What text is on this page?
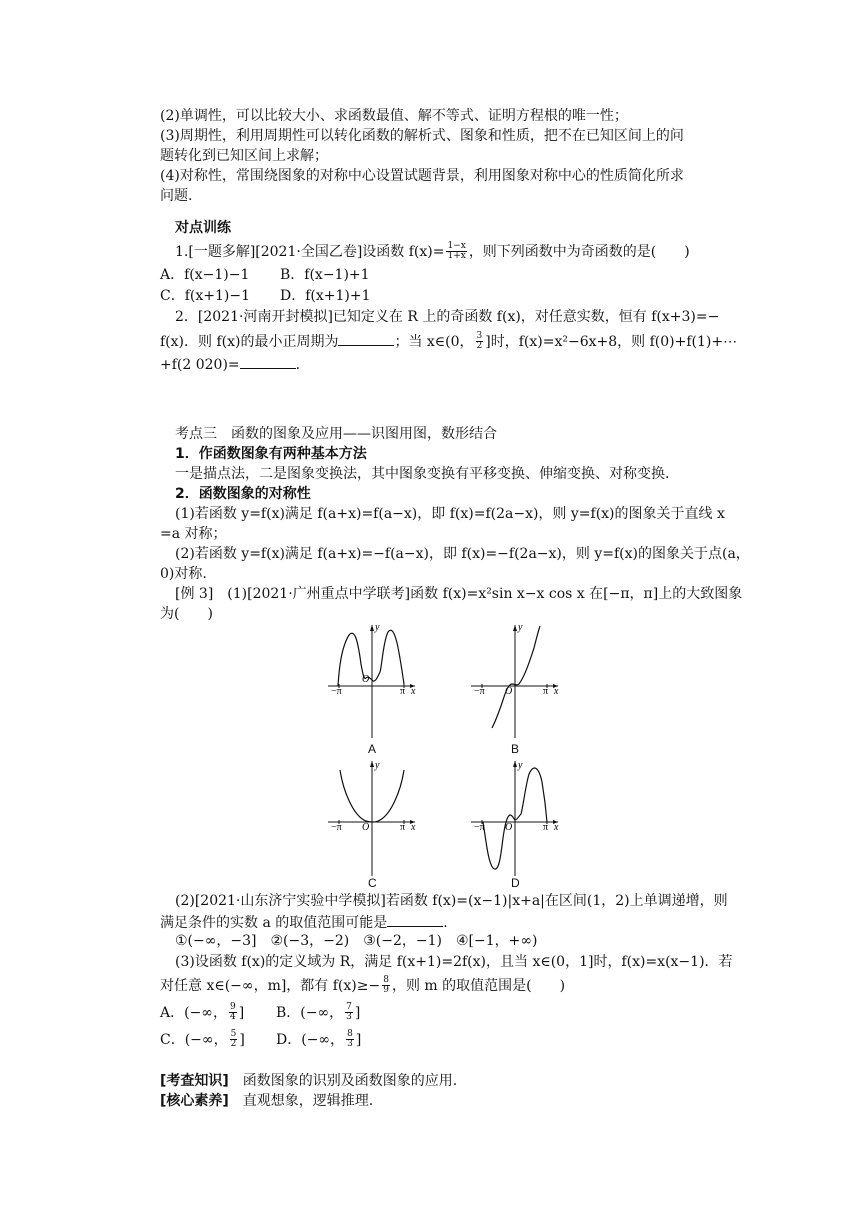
(2)单调性，可以比较大小、求函数最值、解不等式、证明方程根的唯一性；
(3)周期性，利用周期性可以转化函数的解析式、图象和性质，把不在已知区间上的问
题转化到已知区间上求解；
(4)对称性，常围绕图象的对称中心设置试题背景，利用图象对称中心的性质简化所求
问题.
对点训练
1.[一题多解][2021·全国乙卷]设函数 $f(x)= \frac{1-x}{1+x}$ ，则下列函数中为奇函数的是(　　)
A．f(x−1)−1 B．f(x−1)+1
C．f(x+1)−1 D．f(x+1)+1
2．[2021·河南开封模拟]已知定义在 R 上的奇函数 f(x)，对任意实数，恒有 f(x+3)=−
f(x)．则 f(x)的最小正周期为	；当 x∈(0， $\frac{3}{2}$ ]时，f(x)=x²−6x+8，则 f(0)+f(1)+⋯
+f(2 020)=	.
考点三　函数的图象及应用——识图用图，数形结合
1．作函数图象有两种基本方法
一是描点法，二是图象变换法，其中图象变换有平移变换、伸缩变换、对称变换.
2．函数图象的对称性
(1)若函数 y=f(x)满足 f(a+x)=f(a−x)，即 f(x)=f(2a−x)，则 y=f(x)的图象关于直线 x
=a 对称；
(2)若函数 y=f(x)满足 f(a+x)=−f(a−x)，即 f(x)=−f(2a−x)，则 y=f(x)的图象关于点(a，
0)对称.
[例 3]　(1)[2021·广州重点中学联考]函数 f(x)=x²sin x−x cos x 在[−π，π]上的大致图象
为(　　)
−π	π x
y
O
A
−π	π x
y
O
B
−π	π x
y
O
C
−π	π x
y
O
D
(2)[2021·山东济宁实验中学模拟]若函数 f(x)=(x−1)|x+a|在区间(1，2)上单调递增，则
满足条件的实数 a 的取值范围可能是	.
①(−∞，−3]　②(−3，−2)　③(−2，−1)　④[−1，+∞)
(3)设函数 f(x)的定义域为 R，满足 f(x+1)=2f(x)，且当 x∈(0，1]时，f(x)=x(x−1)．若
对任意 x∈(−∞，m]，都有 $f(x)\ge- \frac{8}{9}$ ，则 m 的取值范围是(　　)
A．(−∞， $\frac{9}{4}$ ] B．(−∞， $\frac{7}{3}$ ]
C．(−∞， $\frac{5}{2}$ ] D．(−∞， $\frac{8}{3}$ ]
[考查知识]　函数图象的识别及函数图象的应用.
[核心素养]　直观想象，逻辑推理.
